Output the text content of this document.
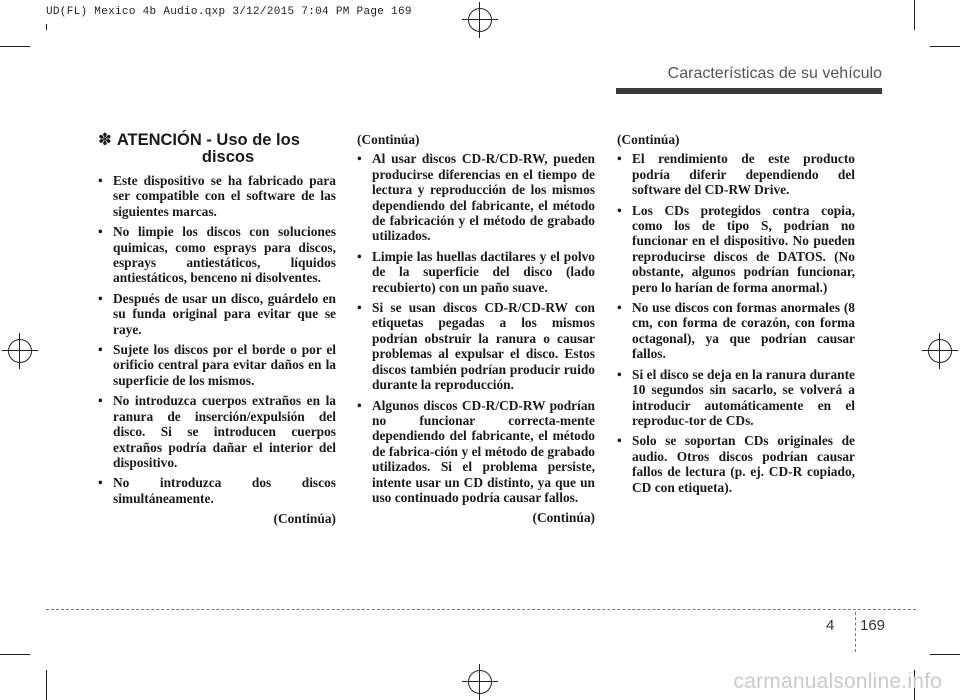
UD(FL) Mexico 4b Audio.qxp 3/12/2015 7:04 PM Page 169
Características de su vehículo
✽ ATENCIÓN - Uso de los
discos
• Este dispositivo se ha fabricado para ser compatible con el software de las siguientes marcas.
• No limpie los discos con soluciones quimicas, como esprays para discos, esprays antiestáticos, líquidos antiestáticos, benceno ni disolventes.
• Después de usar un disco, guárdelo en su funda original para evitar que se raye.
• Sujete los discos por el borde o por el orificio central para evitar daños en la superficie de los mismos.
• No introduzca cuerpos extraños en la ranura de inserción/expulsión del disco. Si se introducen cuerpos extraños podría dañar el interior del dispositivo.
• No introduzca dos discos simultáneamente.
(Continúa)
(Continúa)
• Al usar discos CD-R/CD-RW, pueden producirse diferencias en el tiempo de lectura y reproducción de los mismos dependiendo del fabricante, el método de fabricación y el método de grabado utilizados.
• Limpie las huellas dactilares y el polvo de la superficie del disco (lado recubierto) con un paño suave.
• Si se usan discos CD-R/CD-RW con etiquetas pegadas a los mismos podrían obstruir la ranura o causar problemas al expulsar el disco. Estos discos también podrían producir ruido durante la reproducción.
• Algunos discos CD-R/CD-RW podrían no funcionar correcta-mente dependiendo del fabricante, el método de fabrica-ción y el método de grabado utilizados. Si el problema persiste, intente usar un CD distinto, ya que un uso continuado podría causar fallos.
(Continúa)
(Continúa)
• El rendimiento de este producto podría diferir dependiendo del software del CD-RW Drive.
• Los CDs protegidos contra copia, como los de tipo S, podrían no funcionar en el dispositivo. No pueden reproducirse discos de DATOS. (No obstante, algunos podrían funcionar, pero lo harían de forma anormal.)
• No use discos con formas anormales (8 cm, con forma de corazón, con forma octagonal), ya que podrían causar fallos.
• Si el disco se deja en la ranura durante 10 segundos sin sacarlo, se volverá a introducir automáticamente en el reproduc-tor de CDs.
• Solo se soportan CDs originales de audio. Otros discos podrían causar fallos de lectura (p. ej. CD-R copiado, CD con etiqueta).
4 169
carmanualsonline.info
